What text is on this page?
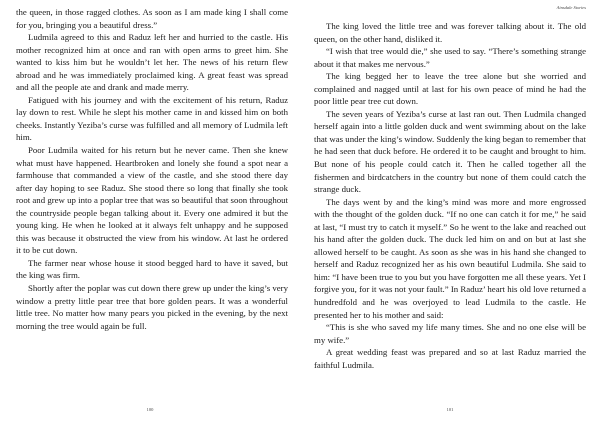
the queen, in those ragged clothes. As soon as I am made king I shall come for you, bringing you a beautiful dress.”

Ludmila agreed to this and Raduz left her and hurried to the castle. His mother recognized him at once and ran with open arms to greet him. She wanted to kiss him but he wouldn’t let her. The news of his return flew abroad and he was immediately proclaimed king. A great feast was spread and all the people ate and drank and made merry.

Fatigued with his journey and with the excitement of his return, Raduz lay down to rest. While he slept his mother came in and kissed him on both cheeks. Instantly Yeziba’s curse was fulfilled and all memory of Ludmila left him.

Poor Ludmila waited for his return but he never came. Then she knew what must have happened. Heartbroken and lonely she found a spot near a farmhouse that commanded a view of the castle, and she stood there day after day hoping to see Raduz. She stood there so long that finally she took root and grew up into a poplar tree that was so beautiful that soon throughout the countryside people began talking about it. Every one admired it but the young king. He when he looked at it always felt unhappy and he supposed this was because it obstructed the view from his window. At last he ordered it to be cut down.

The farmer near whose house it stood begged hard to have it saved, but the king was firm.

Shortly after the poplar was cut down there grew up under the king’s very window a pretty little pear tree that bore golden pears. It was a wonderful little tree. No matter how many pears you picked in the evening, by the next morning the tree would again be full.

100
Ainsdale Stories

The king loved the little tree and was forever talking about it. The old queen, on the other hand, disliked it.

“I wish that tree would die,” she used to say. “There’s something strange about it that makes me nervous.”

The king begged her to leave the tree alone but she worried and complained and nagged until at last for his own peace of mind he had the poor little pear tree cut down.

The seven years of Yeziba’s curse at last ran out. Then Ludmila changed herself again into a little golden duck and went swimming about on the lake that was under the king’s window. Suddenly the king began to remember that he had seen that duck before. He ordered it to be caught and brought to him. But none of his people could catch it. Then he called together all the fishermen and birdcatchers in the country but none of them could catch the strange duck.

The days went by and the king’s mind was more and more engrossed with the thought of the golden duck. “If no one can catch it for me,” he said at last, “I must try to catch it myself.” So he went to the lake and reached out his hand after the golden duck. The duck led him on and on but at last she allowed herself to be caught. As soon as she was in his hand she changed to herself and Raduz recognized her as his own beautiful Ludmila. She said to him: “I have been true to you but you have forgotten me all these years. Yet I forgive you, for it was not your fault.” In Raduz’ heart his old love returned a hundredfold and he was overjoyed to lead Ludmila to the castle. He presented her to his mother and said:

“This is she who saved my life many times. She and no one else will be my wife.”

A great wedding feast was prepared and so at last Raduz married the faithful Ludmila.

101
